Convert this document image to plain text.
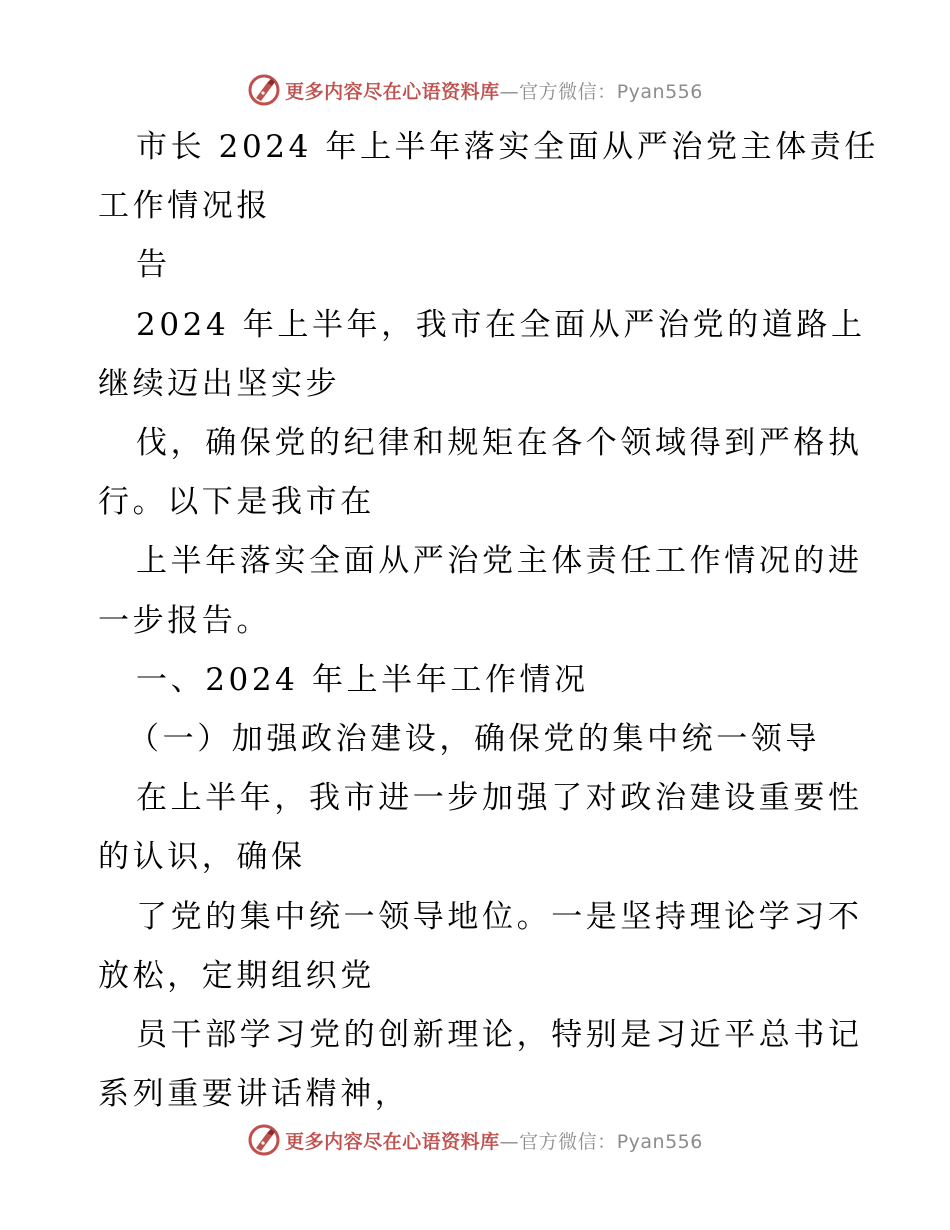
更多内容尽在心语资料库—官方微信：Pyan556

市长 2024 年上半年落实全面从严治党主体责任

工作情况报

告

2024 年上半年，我市在全面从严治党的道路上

继续迈出坚实步

伐，确保党的纪律和规矩在各个领域得到严格执

行。以下是我市在

上半年落实全面从严治党主体责任工作情况的进

一步报告。

一、2024 年上半年工作情况

（一）加强政治建设，确保党的集中统一领导

在上半年，我市进一步加强了对政治建设重要性

的认识，确保

了党的集中统一领导地位。一是坚持理论学习不

放松，定期组织党

员干部学习党的创新理论，特别是习近平总书记

系列重要讲话精神，

更多内容尽在心语资料库—官方微信：Pyan556
